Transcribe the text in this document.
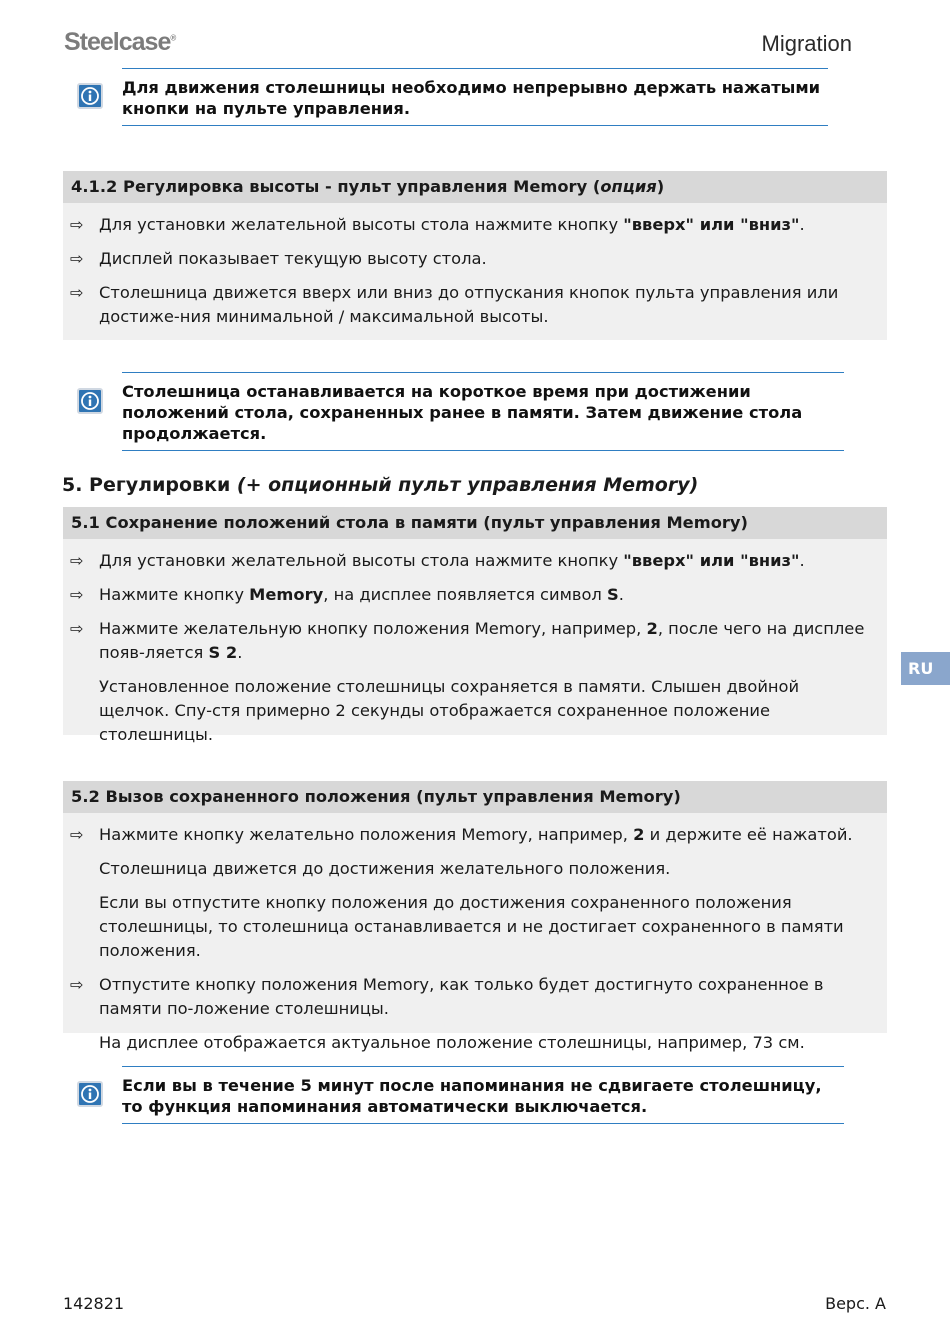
Steelcase®	Migration
Для движения столешницы необходимо непрерывно держать нажатыми кнопки на пульте управления.
4.1.2 Регулировка высоты - пульт управления Memory (опция)
⇨ Для установки желательной высоты стола нажмите кнопку "вверх" или "вниз".
⇨ Дисплей показывает текущую высоту стола.
⇨ Столешница движется вверх или вниз до отпускания кнопок пульта управления или достиже-ния минимальной / максимальной высоты.
Столешница останавливается на короткое время при достижении положений стола, сохраненных ранее в памяти. Затем движение стола продолжается.
5. Регулировки (+ опционный пульт управления Memory)
5.1 Сохранение положений стола в памяти (пульт управления Memory)
⇨ Для установки желательной высоты стола нажмите кнопку "вверх" или "вниз".
⇨ Нажмите кнопку Memory, на дисплее появляется символ S.
⇨ Нажмите желательную кнопку положения Memory, например, 2, после чего на дисплее появ-ляется S 2.
Установленное положение столешницы сохраняется в памяти. Слышен двойной щелчок. Спу-стя примерно 2 секунды отображается сохраненное положение столешницы.
RU
5.2 Вызов сохраненного положения (пульт управления Memory)
⇨ Нажмите кнопку желательно положения Memory, например, 2 и держите её нажатой.
Столешница движется до достижения желательного положения.
Если вы отпустите кнопку положения до достижения сохраненного положения столешницы, то столешница останавливается и не достигает сохраненного в памяти положения.
⇨ Отпустите кнопку положения Memory, как только будет достигнуто сохраненное в памяти по-ложение столешницы.
На дисплее отображается актуальное положение столешницы, например, 73 см.
Если вы в течение 5 минут после напоминания не сдвигаете столешницу, то функция напоминания автоматически выключается.
142821	Верс. A
